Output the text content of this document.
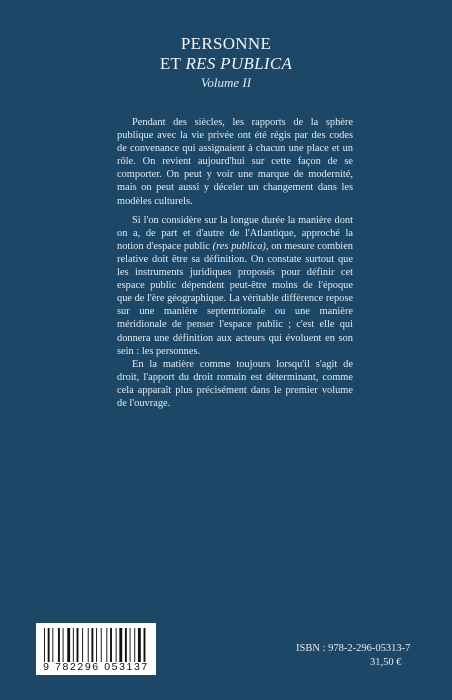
PERSONNE
ET RES PUBLICA
Volume II

Pendant des siècles, les rapports de la sphère publique avec la vie privée ont été régis par des codes de convenance qui assignaient à chacun une place et un rôle. On revient aujourd'hui sur cette façon de se comporter. On peut y voir une marque de modernité, mais on peut aussi y déceler un changement dans les modèles culturels.

Si l'on considère sur la longue durée la manière dont on a, de part et d'autre de l'Atlantique, approché la notion d'espace public (res publica), on mesure combien relative doit être sa définition. On constate surtout que les instruments juridiques proposés pour définir cet espace public dépendent peut-être moins de l'époque que de l'ère géographique. La véritable différence repose sur une manière septentrionale ou une manière méridionale de penser l'espace public ; c'est elle qui donnera une définition aux acteurs qui évoluent en son sein : les personnes.

En la matière comme toujours lorsqu'il s'agit de droit, l'apport du droit romain est déterminant, comme cela apparaît plus précisément dans le premier volume de l'ouvrage.

9 782296 053137
ISBN : 978-2-296-05313-7
31,50 €
